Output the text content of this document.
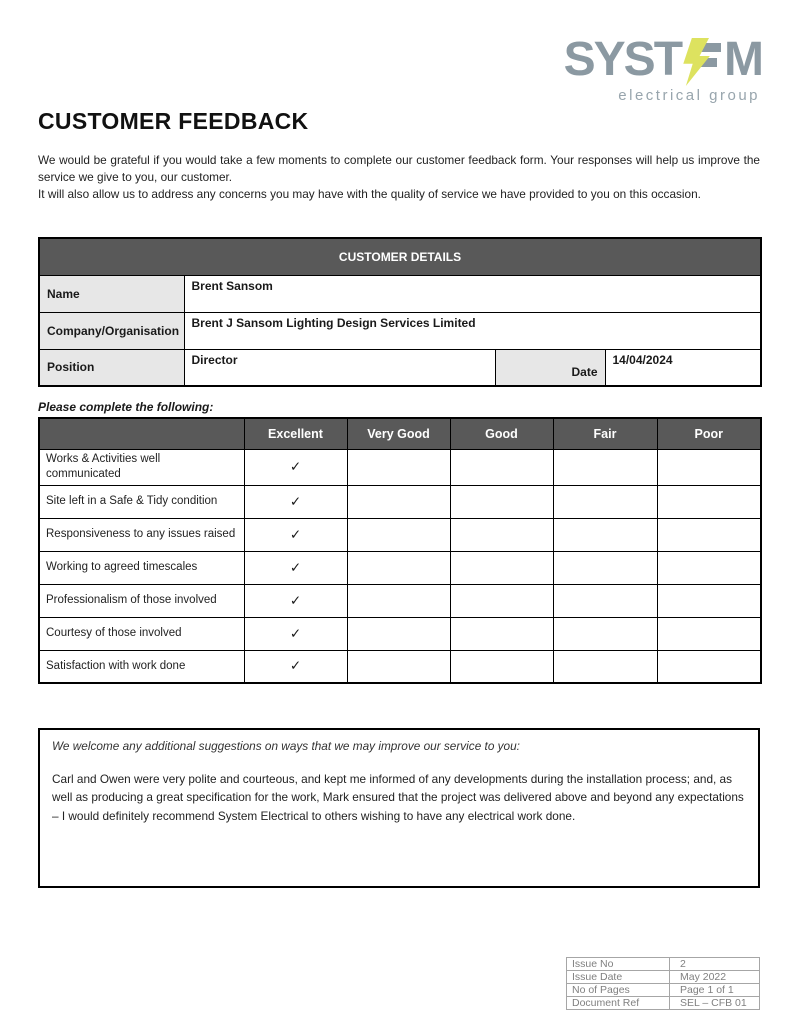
SYST M
electrical group
CUSTOMER FEEDBACK

We would be grateful if you would take a few moments to complete our customer feedback form. Your responses will help us improve the service we give to you, our customer.

It will also allow us to address any concerns you may have with the quality of service we have provided to you on this occasion.

CUSTOMER DETAILS			
Name	Brent Sansom		
Company/Organisation	Brent J Sansom Lighting Design Services Limited		
Position	Director	Date	14/04/2024
Please complete the following:
	Excellent	Very Good	Good	Fair	Poor
Works & Activities well communicated	✓				
Site left in a Safe & Tidy condition	✓				
Responsiveness to any issues raised	✓				
Working to agreed timescales	✓				
Professionalism of those involved	✓				
Courtesy of those involved	✓				
Satisfaction with work done	✓				
We welcome any additional suggestions on ways that we may improve our service to you:
Carl and Owen were very polite and courteous, and kept me informed of any developments during the installation process; and, as well as producing a great specification for the work, Mark ensured that the project was delivered above and beyond any expectations – I would definitely recommend System Electrical to others wishing to have any electrical work done.
Issue No	2
Issue Date	May 2022
No of Pages	Page 1 of 1
Document Ref	SEL – CFB 01
